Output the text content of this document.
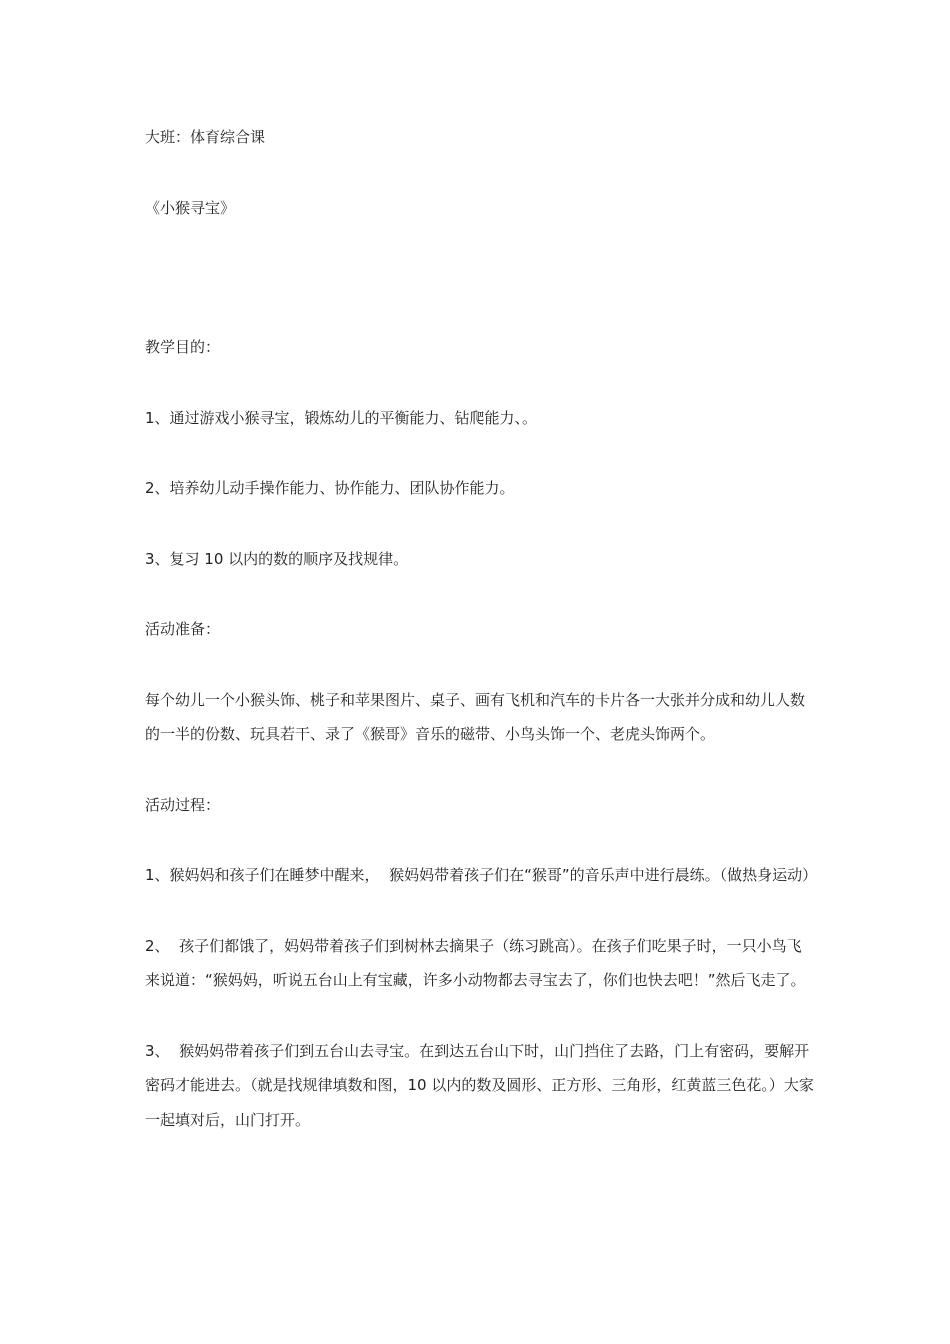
大班：体育综合课

《小猴寻宝》

教学目的：

1、通过游戏小猴寻宝，锻炼幼儿的平衡能力、钻爬能力、。

2、培养幼儿动手操作能力、协作能力、团队协作能力。

3、复习 10 以内的数的顺序及找规律。

活动准备：

每个幼儿一个小猴头饰、桃子和苹果图片、桌子、画有飞机和汽车的卡片各一大张并分成和幼儿人数的一半的份数、玩具若干、录了《猴哥》音乐的磁带、小鸟头饰一个、老虎头饰两个。

活动过程：

1、猴妈妈和孩子们在睡梦中醒来，  猴妈妈带着孩子们在“猴哥”的音乐声中进行晨练。（做热身运动）

2、  孩子们都饿了，妈妈带着孩子们到树林去摘果子（练习跳高）。在孩子们吃果子时，一只小鸟飞来说道：“猴妈妈，听说五台山上有宝藏，许多小动物都去寻宝去了，你们也快去吧！”然后飞走了。

3、  猴妈妈带着孩子们到五台山去寻宝。在到达五台山下时，山门挡住了去路，门上有密码，要解开密码才能进去。（就是找规律填数和图，10 以内的数及圆形、正方形、三角形，红黄蓝三色花。）大家一起填对后，山门打开。
